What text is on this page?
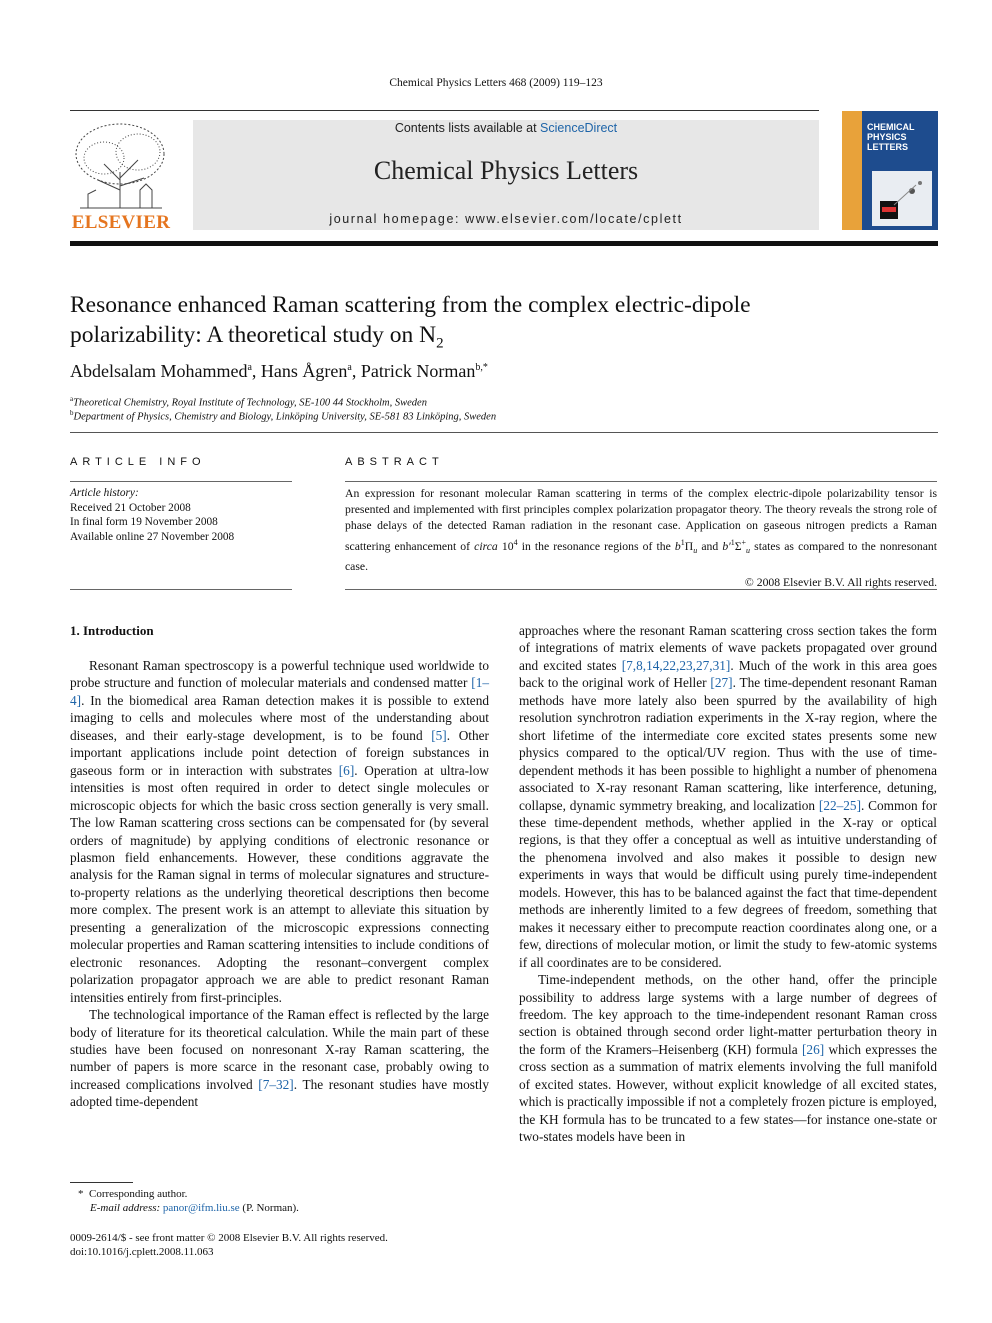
Chemical Physics Letters 468 (2009) 119–123
ELSEVIER
Contents lists available at ScienceDirect
Chemical Physics Letters
journal homepage: www.elsevier.com/locate/cplett
CHEMICAL
PHYSICS
LETTERS
Resonance enhanced Raman scattering from the complex electric-dipole
polarizability: A theoretical study on $N_2$
Abdelsalam Mohammed$^a$, Hans Ågren$^a$, Patrick Norman$^{b,*}$
$^a$Theoretical Chemistry, Royal Institute of Technology, SE-100 44 Stockholm, Sweden
$^b$Department of Physics, Chemistry and Biology, Linköping University, SE-581 83 Linköping, Sweden
ARTICLE INFO
Article history:
Received 21 October 2008
In final form 19 November 2008
Available online 27 November 2008
ABSTRACT
An expression for resonant molecular Raman scattering in terms of the complex electric-dipole polarizability tensor is presented and implemented with first principles complex polarization propagator theory. The theory reveals the strong role of phase delays of the detected Raman radiation in the resonant case. Application on gaseous nitrogen predicts a Raman scattering enhancement of circa $10^4$ in the resonance regions of the $b^1\Pi_u$ and $b'^1\Sigma^+_u$ states as compared to the nonresonant case.
© 2008 Elsevier B.V. All rights reserved.
1. Introduction

Resonant Raman spectroscopy is a powerful technique used worldwide to probe structure and function of molecular materials and condensed matter [1–4]. In the biomedical area Raman detection makes it is possible to extend imaging to cells and molecules where most of the understanding about diseases, and their early-stage development, is to be found [5]. Other important applications include point detection of foreign substances in gaseous form or in interaction with substrates [6]. Operation at ultra-low intensities is most often required in order to detect single molecules or microscopic objects for which the basic cross section generally is very small. The low Raman scattering cross sections can be compensated for (by several orders of magnitude) by applying conditions of electronic resonance or plasmon field enhancements. However, these conditions aggravate the analysis for the Raman signal in terms of molecular signatures and structure-to-property relations as the underlying theoretical descriptions then become more complex. The present work is an attempt to alleviate this situation by presenting a generalization of the microscopic expressions connecting molecular properties and Raman scattering intensities to include conditions of electronic resonances. Adopting the resonant–convergent complex polarization propagator approach we are able to predict resonant Raman intensities entirely from first-principles.

The technological importance of the Raman effect is reflected by the large body of literature for its theoretical calculation. While the main part of these studies have been focused on nonresonant X-ray Raman scattering, the number of papers is more scarce in the resonant case, probably owing to increased complications involved [7–32]. The resonant studies have mostly adopted time-dependent

approaches where the resonant Raman scattering cross section takes the form of integrations of matrix elements of wave packets propagated over ground and excited states [7,8,14,22,23,27,31]. Much of the work in this area goes back to the original work of Heller [27]. The time-dependent resonant Raman methods have more lately also been spurred by the availability of high resolution synchrotron radiation experiments in the X-ray region, where the short lifetime of the intermediate core excited states presents some new physics compared to the optical/UV region. Thus with the use of time-dependent methods it has been possible to highlight a number of phenomena associated to X-ray resonant Raman scattering, like interference, detuning, collapse, dynamic symmetry breaking, and localization [22–25]. Common for these time-dependent methods, whether applied in the X-ray or optical regions, is that they offer a conceptual as well as intuitive understanding of the phenomena involved and also makes it possible to design new experiments in ways that would be difficult using purely time-independent models. However, this has to be balanced against the fact that time-dependent methods are inherently limited to a few degrees of freedom, something that makes it necessary either to precompute reaction coordinates along one, or a few, directions of molecular motion, or limit the study to few-atomic systems if all coordinates are to be considered.

Time-independent methods, on the other hand, offer the principle possibility to address large systems with a large number of degrees of freedom. The key approach to the time-independent resonant Raman cross section is obtained through second order light-matter perturbation theory in the form of the Kramers–Heisenberg (KH) formula [26] which expresses the cross section as a summation of matrix elements involving the full manifold of excited states. However, without explicit knowledge of all excited states, which is practically impossible if not a completely frozen picture is employed, the KH formula has to be truncated to a few states—for instance one-state or two-states models have been in

* Corresponding author.
E-mail address: panor@ifm.liu.se (P. Norman).
0009-2614/$ - see front matter © 2008 Elsevier B.V. All rights reserved.
doi:10.1016/j.cplett.2008.11.063
